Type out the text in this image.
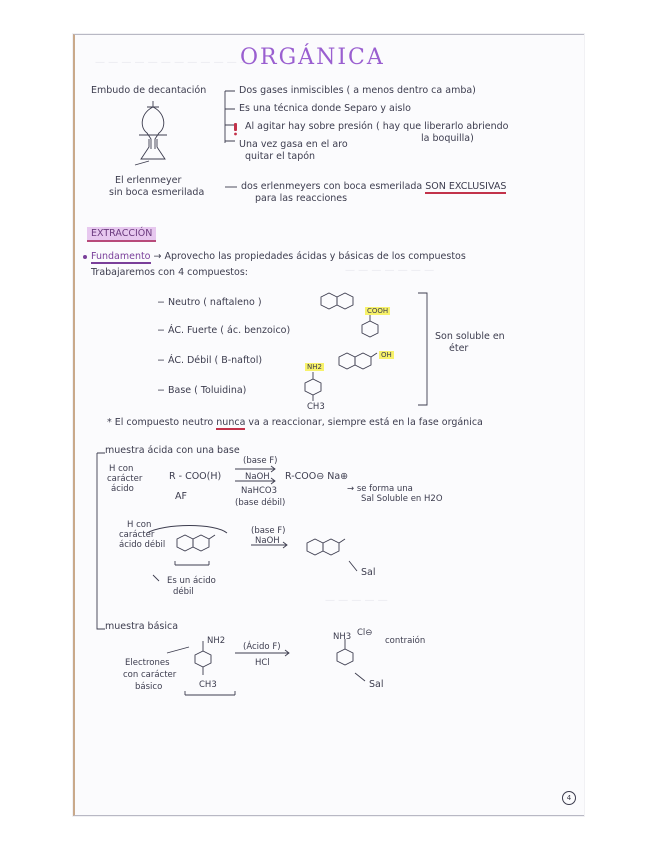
— — — — — — — — — — — —
— — — — — — —
— — — — —
ORGÁNICA
Embudo de decantación	Dos gases inmiscibles ( a menos dentro ca amba)
Es una técnica donde Separo y aislo
Al agitar hay sobre presión ( hay que liberarlo abriendo
la boquilla)
Una vez gasa en el aro
quitar el tapón
El erlenmeyer
sin boca esmerilada
dos erlenmeyers con boca esmerilada SON EXCLUSIVAS
para las reacciones
EXTRACCIÓN
Fundamento → Aprovecho las propiedades ácidas y básicas de los compuestos
Trabajaremos con 4 compuestos:
− Neutro ( naftaleno )
− ÁC. Fuerte ( ác. benzoico)
− ÁC. Débil ( B-naftol)
− Base ( Toluidina)
COOH
OH
NH2
CH3
Son soluble en
éter
* El compuesto neutro nunca va a reaccionar, siempre está en la fase orgánica
muestra ácida con una base
H con
carácter
ácido
R - COO(H)
AF
(base F)
NaOH
NaHCO3
(base débil)
R-COO⊖ Na⊕
→ se forma una
Sal Soluble en H2O
H con
carácter
ácido débil
(base F)
NaOH
Es un ácido
débil
Sal
muestra básica
Electrones
con carácter
básico
NH2
CH3
(Ácido F)
HCl
NH3 Cl⊖
contraión
Sal
4
